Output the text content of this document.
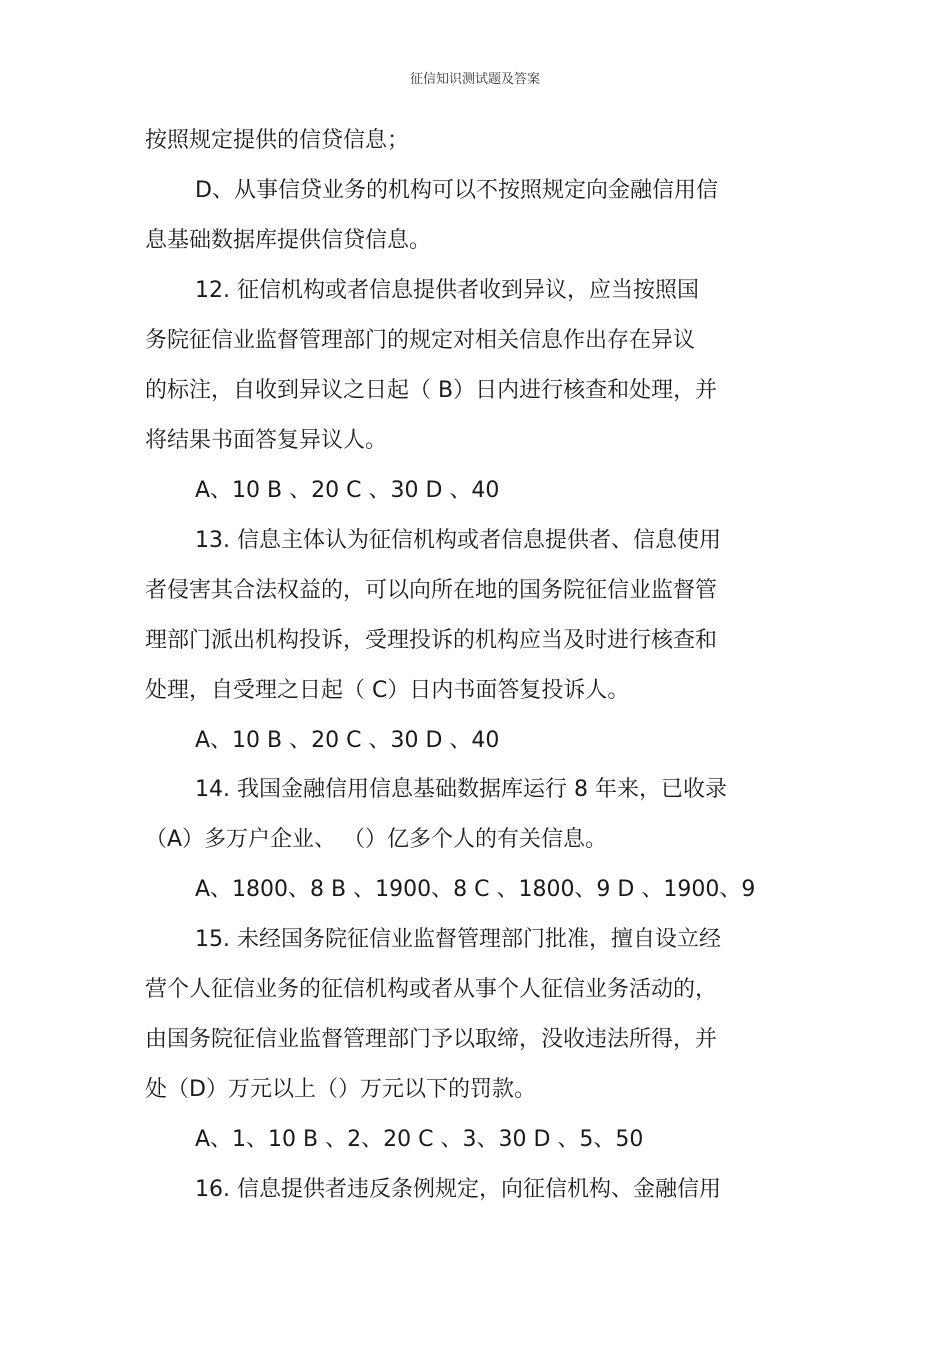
征信知识测试题及答案
按照规定提供的信贷信息；
D、从事信贷业务的机构可以不按照规定向金融信用信
息基础数据库提供信贷信息。
12. 征信机构或者信息提供者收到异议，应当按照国
务院征信业监督管理部门的规定对相关信息作出存在异议
的标注，自收到异议之日起（ B）日内进行核查和处理，并
将结果书面答复异议人。
A、10 B 、20 C 、30 D 、40
13. 信息主体认为征信机构或者信息提供者、信息使用
者侵害其合法权益的，可以向所在地的国务院征信业监督管
理部门派出机构投诉，受理投诉的机构应当及时进行核查和
处理，自受理之日起（ C）日内书面答复投诉人。
A、10 B 、20 C 、30 D 、40
14. 我国金融信用信息基础数据库运行 8 年来，已收录
（A）多万户企业、 （）亿多个人的有关信息。
A、1800、8 B 、1900、8 C 、1800、9 D 、1900、9
15. 未经国务院征信业监督管理部门批准，擅自设立经
营个人征信业务的征信机构或者从事个人征信业务活动的，
由国务院征信业监督管理部门予以取缔，没收违法所得，并
处（D）万元以上（）万元以下的罚款。
A、1、10 B 、2、20 C 、3、30 D 、5、50
16. 信息提供者违反条例规定，向征信机构、金融信用
